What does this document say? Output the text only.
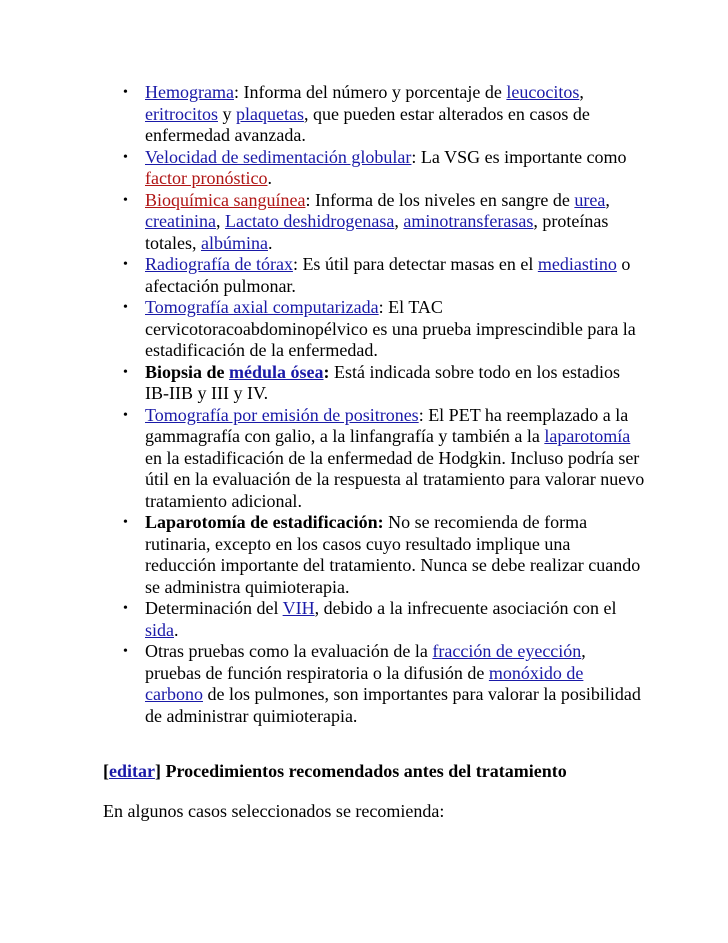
• Hemograma: Informa del número y porcentaje de leucocitos, eritrocitos y plaquetas, que pueden estar alterados en casos de enfermedad avanzada.
• Velocidad de sedimentación globular: La VSG es importante como factor pronóstico.
• Bioquímica sanguínea: Informa de los niveles en sangre de urea, creatinina, Lactato deshidrogenasa, aminotransferasas, proteínas totales, albúmina.
• Radiografía de tórax: Es útil para detectar masas en el mediastino o afectación pulmonar.
• Tomografía axial computarizada: El TAC cervicotoracoabdominopélvico es una prueba imprescindible para la estadificación de la enfermedad.
• Biopsia de médula ósea: Está indicada sobre todo en los estadios IB-IIB y III y IV.
• Tomografía por emisión de positrones: El PET ha reemplazado a la gammagrafía con galio, a la linfangrafía y también a la laparotomía en la estadificación de la enfermedad de Hodgkin. Incluso podría ser útil en la evaluación de la respuesta al tratamiento para valorar nuevo tratamiento adicional.
• Laparotomía de estadificación: No se recomienda de forma rutinaria, excepto en los casos cuyo resultado implique una reducción importante del tratamiento. Nunca se debe realizar cuando se administra quimioterapia.
• Determinación del VIH, debido a la infrecuente asociación con el sida.
• Otras pruebas como la evaluación de la fracción de eyección, pruebas de función respiratoria o la difusión de monóxido de carbono de los pulmones, son importantes para valorar la posibilidad de administrar quimioterapia.
[editar] Procedimientos recomendados antes del tratamiento
En algunos casos seleccionados se recomienda:
